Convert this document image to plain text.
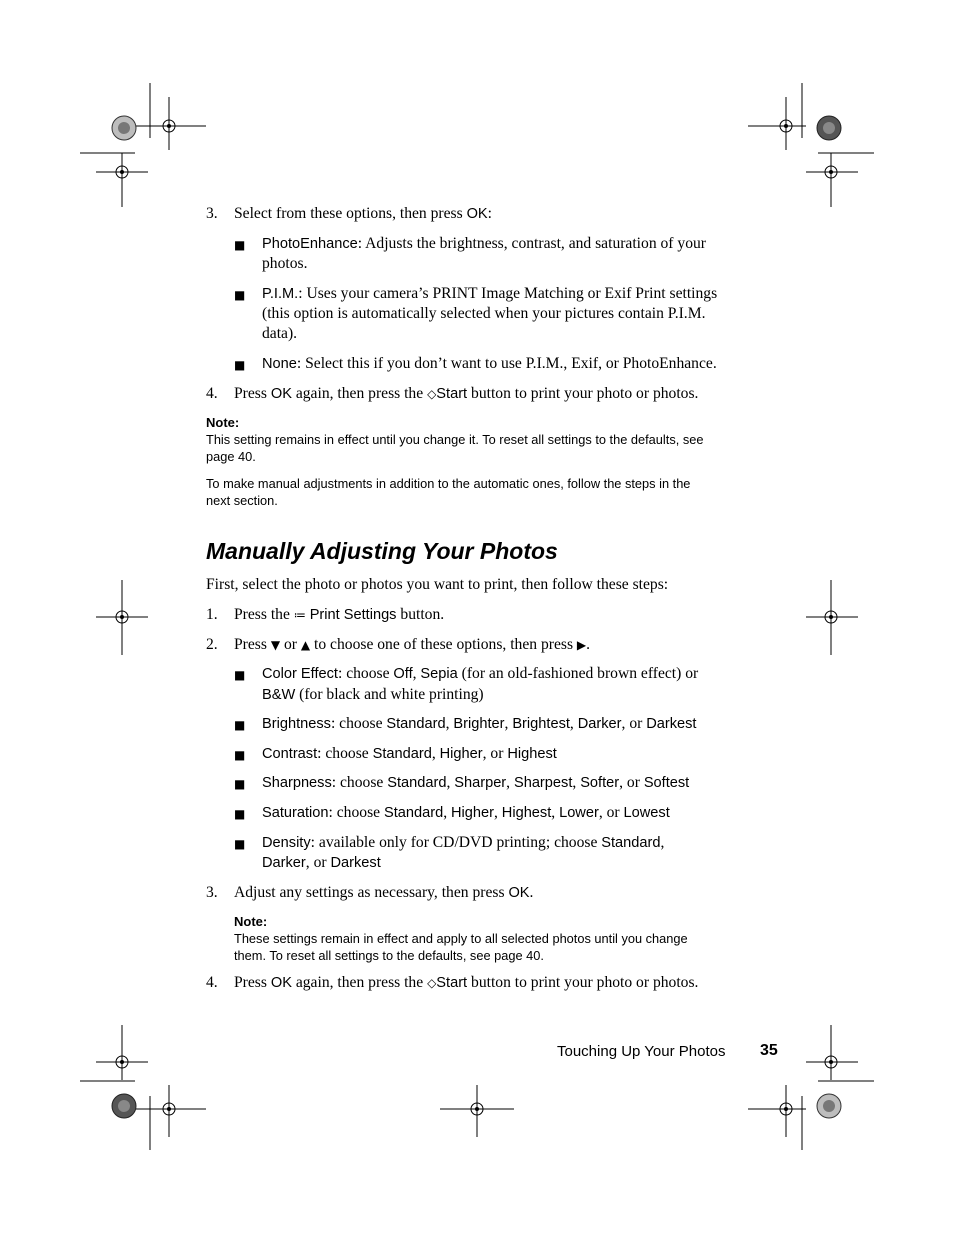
3.	Select from these options, then press OK:
■ PhotoEnhance: Adjusts the brightness, contrast, and saturation of your
photos.
■ P.I.M.: Uses your camera’s PRINT Image Matching or Exif Print settings
(this option is automatically selected when your pictures contain P.I.M.
data).
■ None: Select this if you don’t want to use P.I.M., Exif, or PhotoEnhance.
4.	Press OK again, then press the ◇Start button to print your photo or photos.
Note:
This setting remains in effect until you change it. To reset all settings to the defaults, see
page 40.
To make manual adjustments in addition to the automatic ones, follow the steps in the
next section.
Manually Adjusting Your Photos
First, select the photo or photos you want to print, then follow these steps:
1.	Press the ≔ Print Settings button.
2.	Press ▼ or ▲ to choose one of these options, then press ▶.
■ Color Effect: choose Off, Sepia (for an old-fashioned brown effect) or
B&W (for black and white printing)
■ Brightness: choose Standard, Brighter, Brightest, Darker, or Darkest
■ Contrast: choose Standard, Higher, or Highest
■ Sharpness: choose Standard, Sharper, Sharpest, Softer, or Softest
■ Saturation: choose Standard, Higher, Highest, Lower, or Lowest
■ Density: available only for CD/DVD printing; choose Standard,
Darker, or Darkest
3.	Adjust any settings as necessary, then press OK.
Note:
These settings remain in effect and apply to all selected photos until you change
them. To reset all settings to the defaults, see page 40.
4.	Press OK again, then press the ◇Start button to print your photo or photos.
Touching Up Your Photos 35
